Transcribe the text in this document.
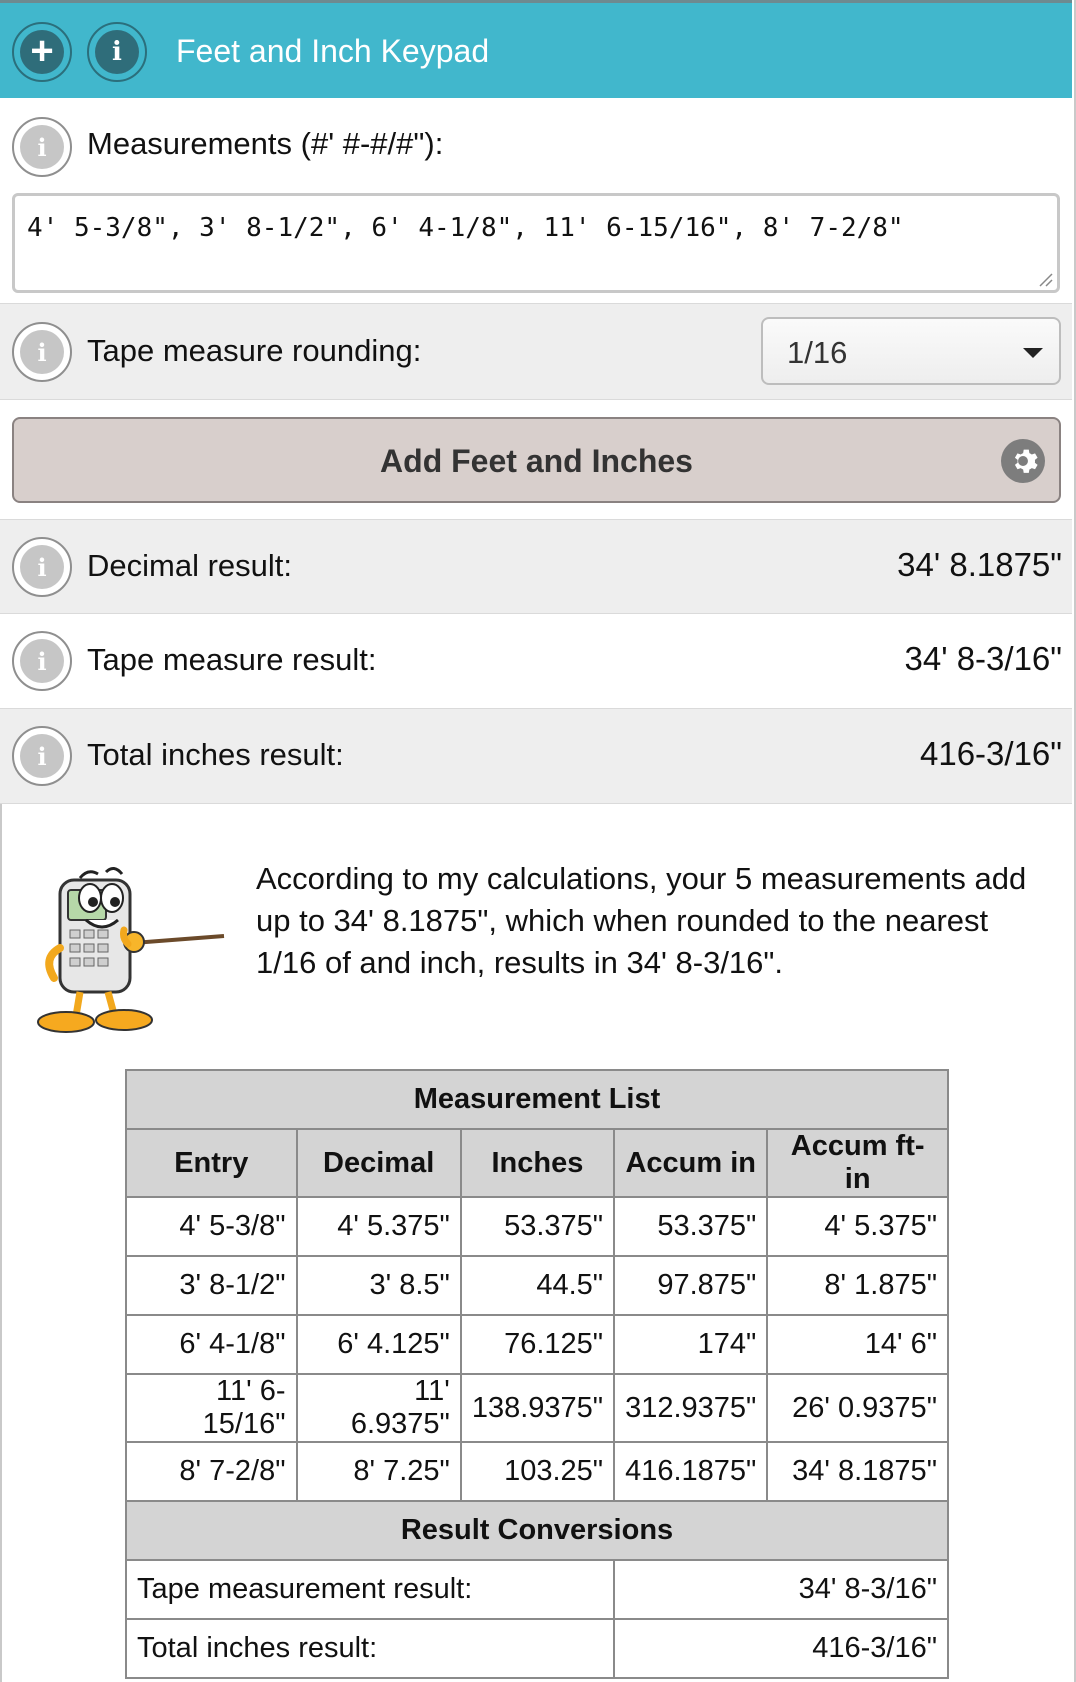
+ i Feet and Inch Keypad
i	Measurements (#' #-#/#"):
4' 5-3/8", 3' 8-1/2", 6' 4-1/8", 11' 6-15/16", 8' 7-2/8"
i	Tape measure rounding:	1/16
Add Feet and Inches
i	Decimal result:	34' 8.1875"
i	Tape measure result:	34' 8-3/16"
i	Total inches result:	416-3/16"
According to my calculations, your 5 measurements add up to 34' 8.1875", which when rounded to the nearest 1/16 of and inch, results in 34' 8-3/16".
Measurement List				
Entry	Decimal	Inches	Accum in	Accum ft-in
4' 5-3/8"	4' 5.375"	53.375"	53.375"	4' 5.375"
3' 8-1/2"	3' 8.5"	44.5"	97.875"	8' 1.875"
6' 4-1/8"	6' 4.125"	76.125"	174"	14' 6"
11' 6-15/16"	11' 6.9375"	138.9375"	312.9375"	26' 0.9375"
8' 7-2/8"	8' 7.25"	103.25"	416.1875"	34' 8.1875"
Result Conversions				
Tape measurement result:			34' 8-3/16"	
Total inches result:			416-3/16"	
